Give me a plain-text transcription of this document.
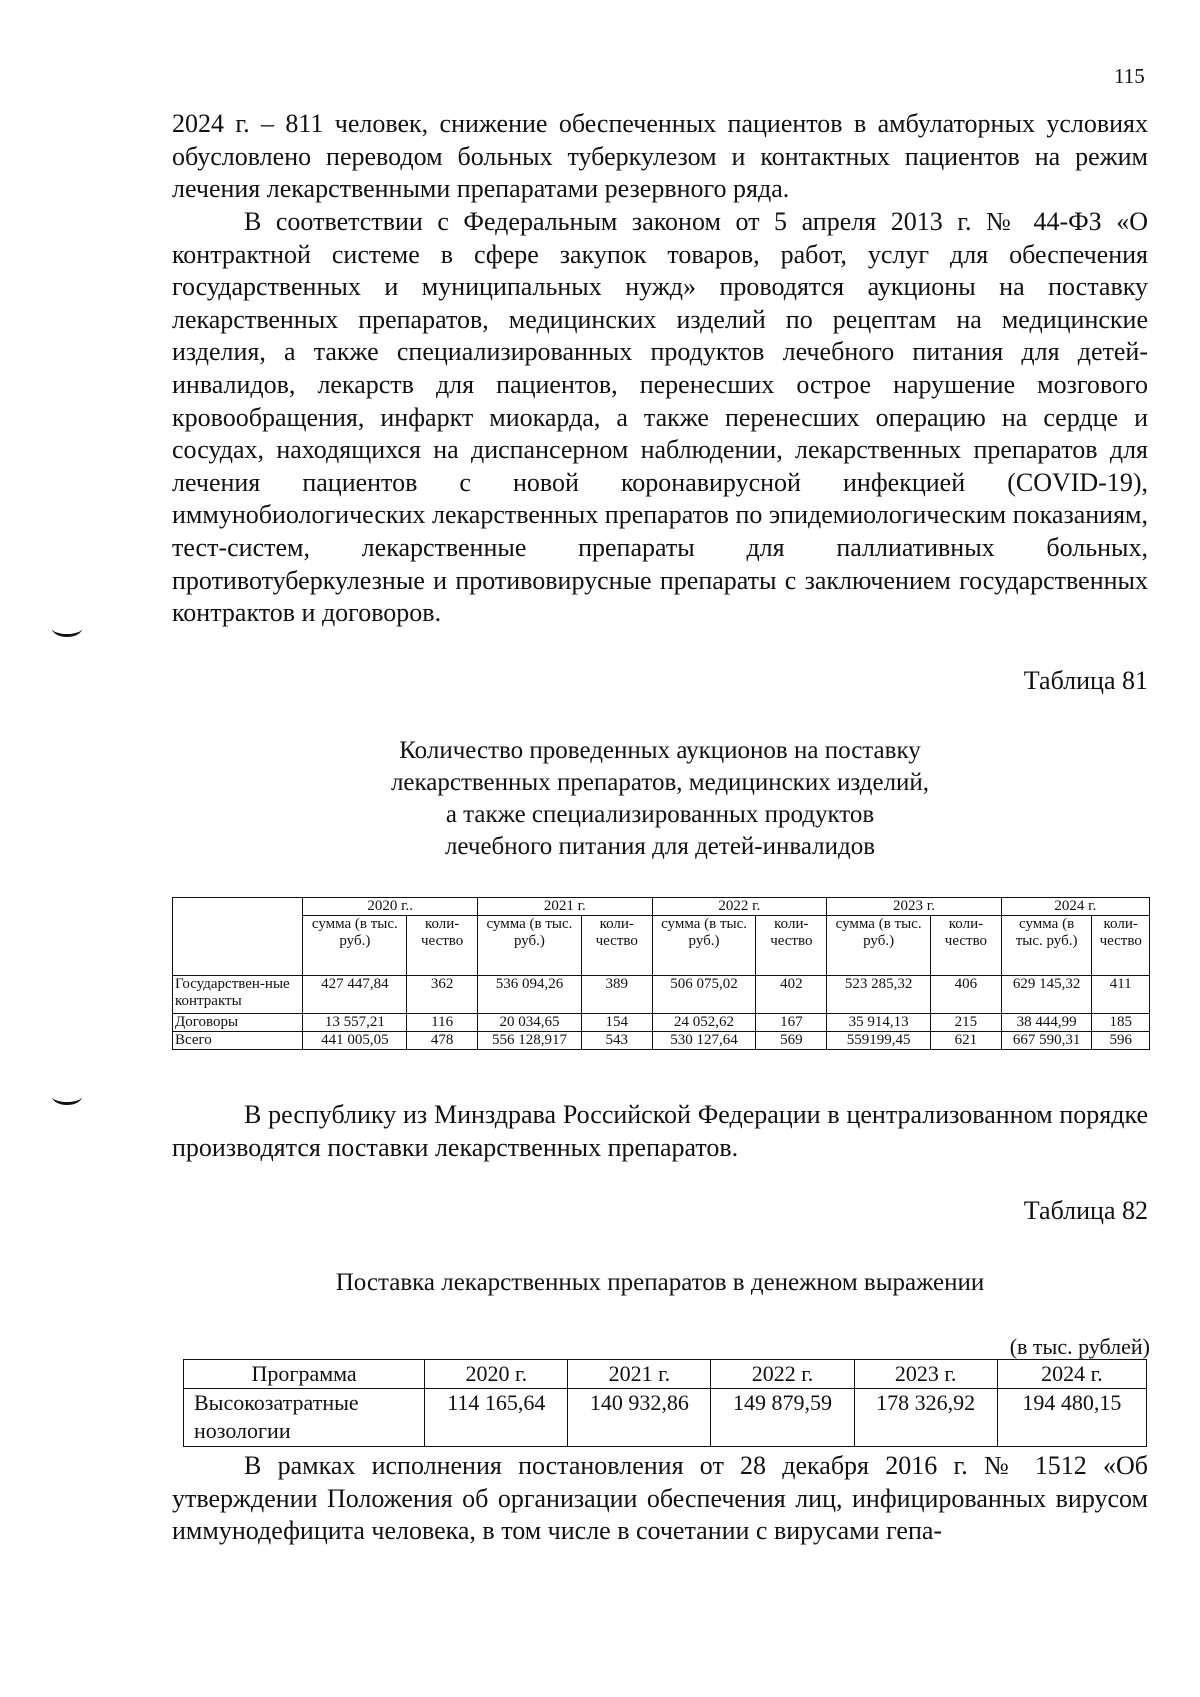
115

2024 г. – 811 человек, снижение обеспеченных пациентов в амбулаторных условиях обусловлено переводом больных туберкулезом и контактных пациентов на режим лечения лекарственными препаратами резервного ряда.

В соответствии с Федеральным законом от 5 апреля 2013 г. № 44-ФЗ «О контрактной системе в сфере закупок товаров, работ, услуг для обеспечения государственных и муниципальных нужд» проводятся аукционы на поставку лекарственных препаратов, медицинских изделий по рецептам на медицинские изделия, а также специализированных продуктов лечебного питания для детей-инвалидов, лекарств для пациентов, перенесших острое нарушение мозгового кровообращения, инфаркт миокарда, а также перенесших операцию на сердце и сосудах, находящихся на диспансерном наблюдении, лекарственных препаратов для лечения пациентов с новой коронавирусной инфекцией (COVID-19), иммунобиологических лекарственных препаратов по эпидемиологическим показаниям, тест-систем, лекарственные препараты для паллиативных больных, противотуберкулезные и противовирусные препараты с заключением государственных контрактов и договоров.

Таблица 81
Количество проведенных аукционов на поставку
лекарственных препаратов, медицинских изделий,
а также специализированных продуктов
лечебного питания для детей-инвалидов
	2020 г..		2021 г.		2022 г.		2023 г.		2024 г.	
	сумма (в тыс. руб.)	коли-чество	сумма (в тыс. руб.)	коли-чество	сумма (в тыс. руб.)	коли-чество	сумма (в тыс. руб.)	коли-чество	сумма (в тыс. руб.)	коли-чество
Государствен-ные контракты	427 447,84	362	536 094,26	389	506 075,02	402	523 285,32	406	629 145,32	411
Договоры	13 557,21	116	20 034,65	154	24 052,62	167	35 914,13	215	38 444,99	185
Всего	441 005,05	478	556 128,917	543	530 127,64	569	559199,45	621	667 590,31	596

В республику из Минздрава Российской Федерации в централизованном порядке производятся поставки лекарственных препаратов.

Таблица 82
Поставка лекарственных препаратов в денежном выражении
(в тыс. рублей)
Программа	2020 г.	2021 г.	2022 г.	2023 г.	2024 г.
Высокозатратные нозологии	114 165,64	140 932,86	149 879,59	178 326,92	194 480,15

В рамках исполнения постановления от 28 декабря 2016 г. № 1512 «Об утверждении Положения об организации обеспечения лиц, инфицированных вирусом иммунодефицита человека, в том числе в сочетании с вирусами гепа-
